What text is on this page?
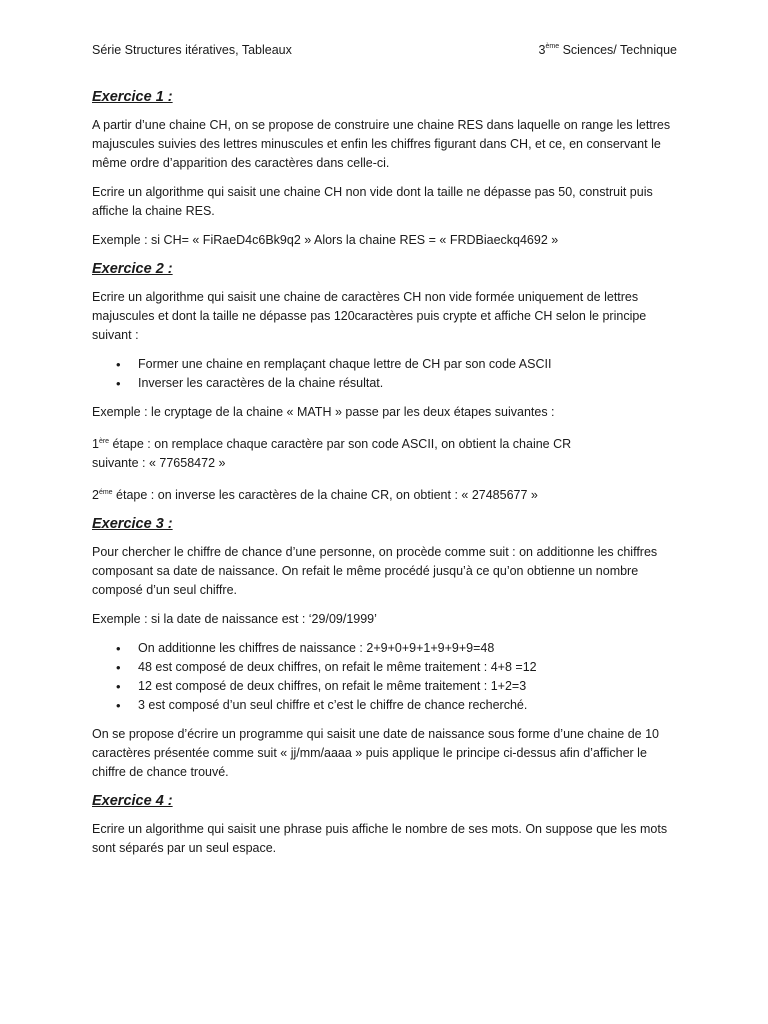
Série Structures itératives, Tableaux	3ème Sciences/ Technique
Exercice 1 :

A partir d’une chaine CH, on se propose de construire une chaine RES dans laquelle on range les lettres majuscules suivies des lettres minuscules et enfin les chiffres figurant dans CH, et ce, en conservant le même ordre d’apparition des caractères dans celle-ci.

Ecrire un algorithme qui saisit une chaine CH non vide dont la taille ne dépasse pas 50, construit puis affiche la chaine RES.

Exemple : si CH= « FiRaeD4c6Bk9q2 » Alors la chaine RES = « FRDBiaeckq4692 »

Exercice 2 :

Ecrire un algorithme qui saisit une chaine de caractères CH non vide formée uniquement de lettres majuscules et dont la taille ne dépasse pas 120caractères puis crypte et affiche CH selon le principe suivant :

• Former une chaine en remplaçant chaque lettre de CH par son code ASCII
• Inverser les caractères de la chaine résultat.

Exemple : le cryptage de la chaine « MATH » passe par les deux étapes suivantes :

1ère étape : on remplace chaque caractère par son code ASCII, on obtient la chaine CR
suivante : « 77658472 »

$2^{éme}$ étape : on inverse les caractères de la chaine CR, on obtient : « 27485677 »

Exercice 3 :

Pour chercher le chiffre de chance d’une personne, on procède comme suit : on additionne les chiffres composant sa date de naissance. On refait le même procédé jusqu’à ce qu’on obtienne un nombre composé d’un seul chiffre.

Exemple : si la date de naissance est : ‘29/09/1999’

• On additionne les chiffres de naissance : 2+9+0+9+1+9+9+9=48
• 48 est composé de deux chiffres, on refait le même traitement : 4+8 =12
• 12 est composé de deux chiffres, on refait le même traitement : 1+2=3
• 3 est composé d’un seul chiffre et c’est le chiffre de chance recherché.

On se propose d’écrire un programme qui saisit une date de naissance sous forme d’une chaine de 10 caractères présentée comme suit « jj/mm/aaaa » puis applique le principe ci-dessus afin d’afficher le chiffre de chance trouvé.

Exercice 4 :

Ecrire un algorithme qui saisit une phrase puis affiche le nombre de ses mots. On suppose que les mots sont séparés par un seul espace.
